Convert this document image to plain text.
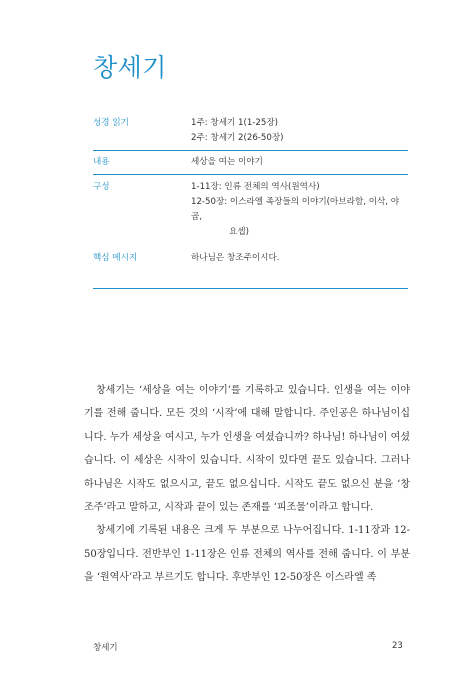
창세기
성경 읽기	1주: 창세기 1(1-25장)
2주: 창세기 2(26-50장)

내용	세상을 여는 이야기
구성	1-11장: 인류 전체의 역사(원역사)
12-50장: 이스라엘 족장들의 이야기(아브라함, 이삭, 야곱,
요셉)

핵심 메시지	하나님은 창조주이시다.

창세기는 ‘세상을 여는 이야기’를 기록하고 있습니다. 인생을 여는 이야기를 전해 줍니다. 모든 것의 ‘시작’에 대해 말합니다. 주인공은 하나님이십니다. 누가 세상을 여시고, 누가 인생을 여셨습니까? 하나님! 하나님이 여셨습니다. 이 세상은 시작이 있습니다. 시작이 있다면 끝도 있습니다. 그러나 하나님은 시작도 없으시고, 끝도 없으십니다. 시작도 끝도 없으신 분을 ‘창조주’라고 말하고, 시작과 끝이 있는 존재를 ‘피조물’이라고 합니다.

창세기에 기록된 내용은 크게 두 부분으로 나누어집니다. 1-11장과 12-50장입니다. 전반부인 1-11장은 인류 전체의 역사를 전해 줍니다. 이 부분을 ‘원역사’라고 부르기도 합니다. 후반부인 12-50장은 이스라엘 족

창세기	23
